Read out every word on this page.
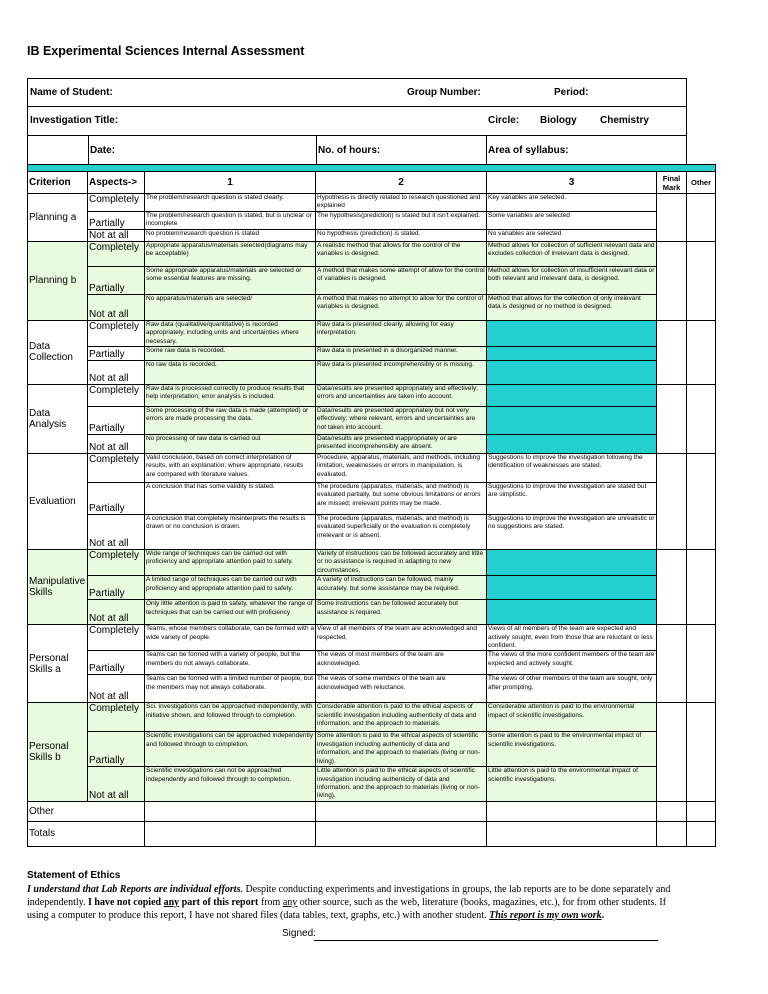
IB Experimental Sciences Internal Assessment
Name of Student:	Group Number:	Period:
Investigation Title:	Circle: Biology Chemistry
Date:	No. of hours:	Area of syllabus:

Criterion	Aspects->	1	2	3	Final Mark	Other
Planning a	Completely	The problem/research question is stated clearly.	Hypothesis is directly related to research questioned and explained	Key variables are selected.		
	Partially	The problem/research question is stated, but is unclear or incomplete	The hypothesis(prediction) is stated but it isn't explained.	Some variables are selected		
	Not at all	No problem/research question is stated	No hypothesis (prediction) is stated.	No variables are selected		
Planning b	Completely	Appropriate apparatus/materials selected(diagrams may be acceptable)	A realistic method that allows for the control of the variables is designed.	Method allows for collection of sufficient relevant data and excludes collection of irrelevant data is designed.		
	Partially	Some appropriate apparatus/materials are selected or some essential features are missing.	A method that makes some attempt of allow for the control of variables is designed.	Method allows for collection of insufficient relevant data or both relevant and irrelevant data, is designed.		
	Not at all	No apparatus/materials are selected/	A method that makes no attempt to allow for the control of variables is designed.	Method that allows for the collection of only irrelevant data is designed or no method is designed.		
Data Collection	Completely	Raw data (qualitative/quantitative) is recorded appropriately, including units and uncertainties where necessary.	Raw data is presented clearly, allowing for easy interpretation.			
	Partially	Some raw data is recorded.	Raw data is presented in a disorganized manner.			
	Not at all	No raw data is recorded.	Raw data is presented incomprehensibly or is missing.			
Data Analysis	Completely	Raw data is processed correctly to produce results that help interpretation; error analysis is included.	Data/results are presented appropriately and effectively; errors and uncertainties are taken into account.			
	Partially	Some processing of the raw data is made (attempted) or errors are made processing the data.	Data/results are presented appropriately but not very effectively; where relevant, errors and uncertainties are not taken into account.			
	Not at all	No processing of raw data is carried out	Data/results are presented inappropriately or are presented incomprehensibly are absent.			
Evaluation	Completely	Valid conclusion, based on correct interpretation of results, with an explanation; where appropriate, results are compared with literature values.	Procedure, apparatus, materials, and methods, including limitation, weaknesses or errors in manipulation, is evaluated.	Suggestions to improve the investigation following the identification of weaknesses are stated.		
	Partially	A conclusion that has some validity is stated.	The procedure (apparatus, materials, and method) is evaluated partially, but some obvious limitations or errors are missed; irrelevant points may be made.	Suggestions to improve the investigation are stated but are simplistic.		
	Not at all	A conclusion that completely misinterprets the results is drawn or no conclusion is drawn.	The procedure (apparatus, materials, and method) is evaluated superficially or the evaluation is completely irrelevant or is absent.	Suggestions to improve the investigation are unrealistic or no suggestions are stated.		
Manipulative Skills	Completely	Wide range of techniques can be carried out with proficiency and appropriate attention paid to safety.	Variety of instructions can be followed accurately and little or no assistance is required in adapting to new circumstances.			
	Partially	A limited range of techniques can be carried out with proficiency and appropriate attention paid to safety.	A variety of instructions can be followed, mainly accurately, but some assistance may be required.			
	Not at all	Only little attention is paid to safety, whatever the range of techniques that can be carried out with proficiency	Some instructions can be followed accurately but assistance is required.			
Personal Skills a	Completely	Teams, whose members collaborate, can be formed with a wide variety of people.	View of all members of the team are acknowledged and respected.	Views of all members of the team are expected and actively sought, even from those that are reluctant or less confident.		
	Partially	Teams can be formed with a variety of people, but the members do not always collaborate.	The views of most members of the team are acknowledged.	The views of the more confident members of the team are expected and actively sought.		
	Not at all	Teams can be formed with a limited number of people, but the members may not always collaborate.	The views of some members of the team are acknowledged with reluctance.	The views of other members of the team are sought, only after prompting.		
Personal Skills b	Completely	Sci. investigations can be approached independently, with initiative shown, and followed through to completion.	Considerable attention is paid to the ethical aspects of scientific investigation including authenticity of data and information, and the approach to materials.	Considerable attention is paid to the environmental impact of scientific investigations.		
	Partially	Scientific investigations can be approached independently and followed through to completion.	Some attention is paid to the ethical aspects of scientific investigation including authenticity of data and information, and the approach to materials (living or non-living).	Some attention is paid to the environmental impact of scientific investigations.		
	Not at all	Scientific investigations can not be approached independently and followed through to completion.	Little attention is paid to the ethical aspects of scientific investigation including authenticity of data and information, and the approach to materials (living or non-living).	Little attention is paid to the environmental impact of scientific investigations.		
Other						
Totals						
Statement of Ethics
I understand that Lab Reports are individual efforts. Despite conducting experiments and investigations in groups, the lab reports are to be done separately and independently. I have not copied any part of this report from any other source, such as the web, literature (books, magazines, etc.), for from other students. If using a computer to produce this report, I have not shared files (data tables, text, graphs, etc.) with another student. This report is my own work.
Signed:
